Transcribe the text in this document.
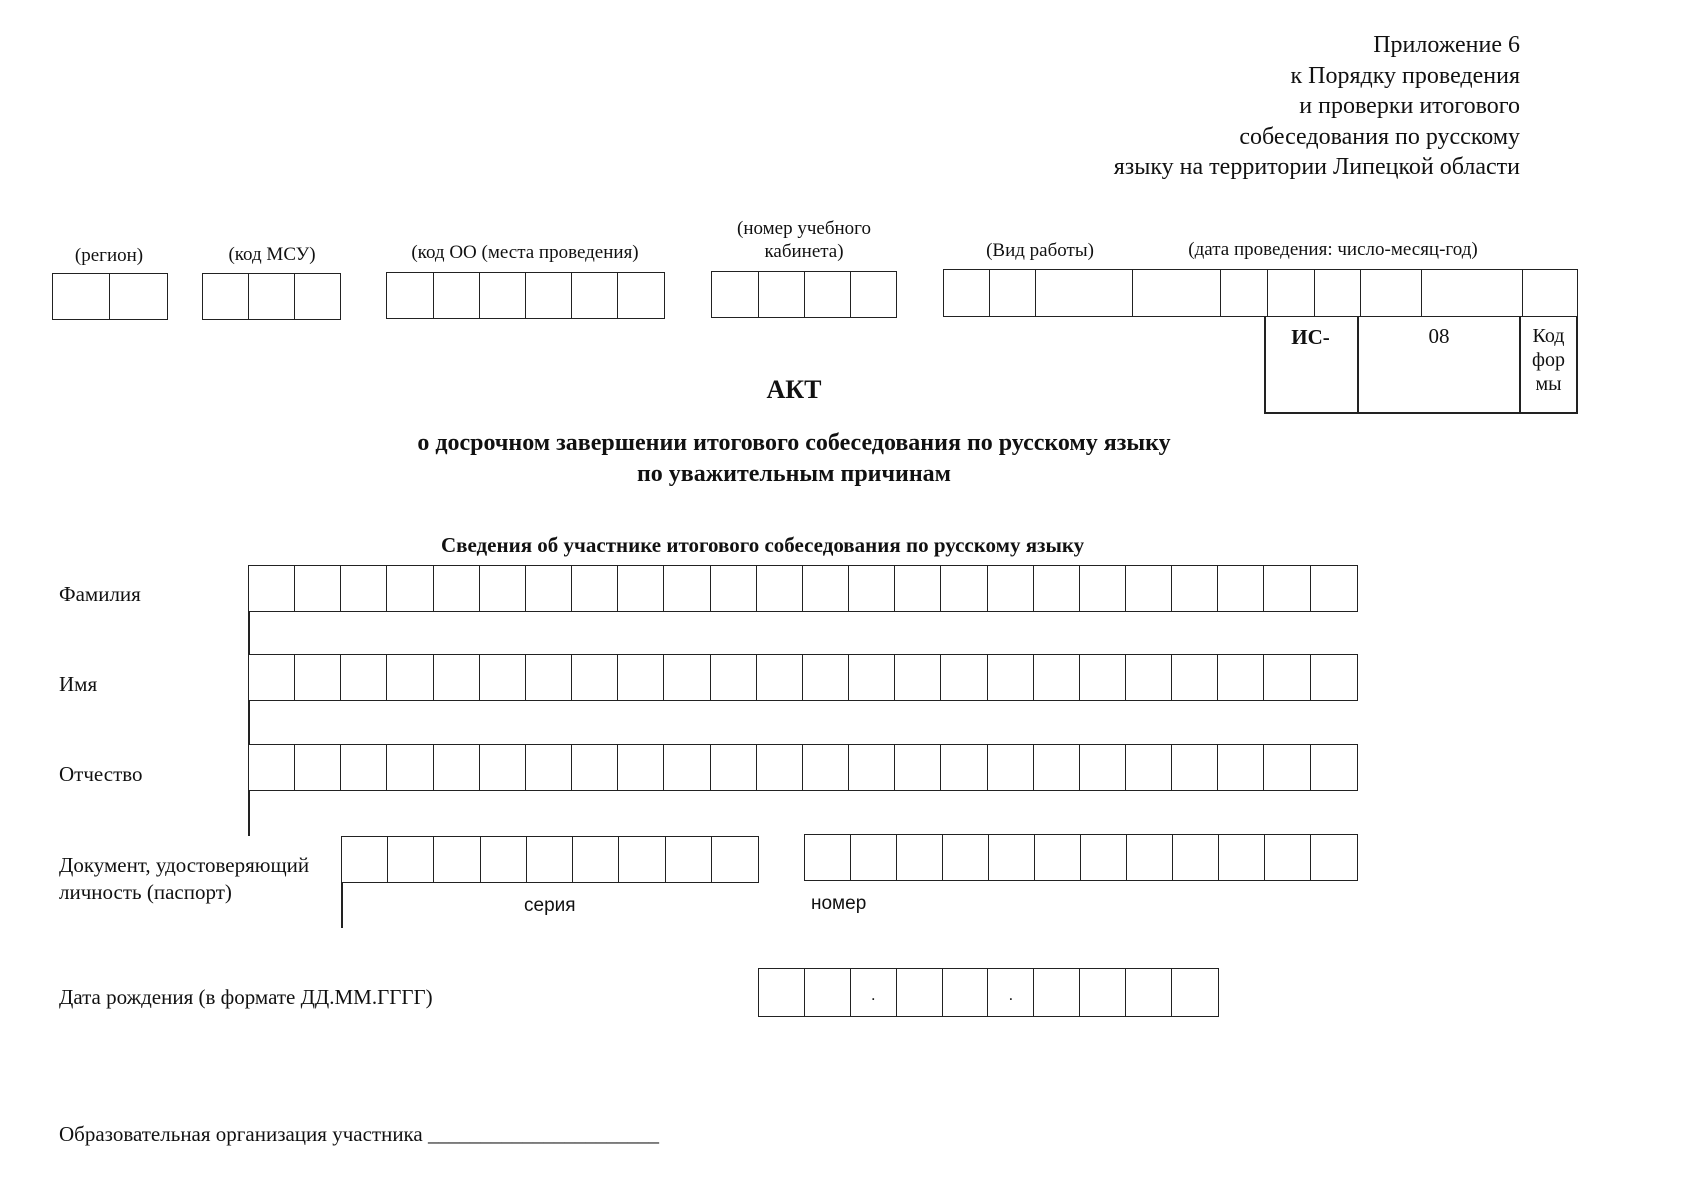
Приложение 6
к Порядку проведения
и проверки итогового
собеседования по русскому
языку на территории Липецкой области
(регион)	(код МСУ)	(код ОО (места проведения)
(номер учебного
кабинета)	(Вид работы)	(дата проведения: число-месяц-год)
ИС-	08	Код
фор
мы
АКТ
о досрочном завершении итогового собеседования по русскому языку
по уважительным причинам
Сведения об участнике итогового собеседования по русскому языку
Фамилия
Имя
Отчество
Документ, удостоверяющий
личность (паспорт)
серия	номер
Дата рождения (в формате ДД.ММ.ГГГГ)
.
.
Образовательная организация участника ______________________
